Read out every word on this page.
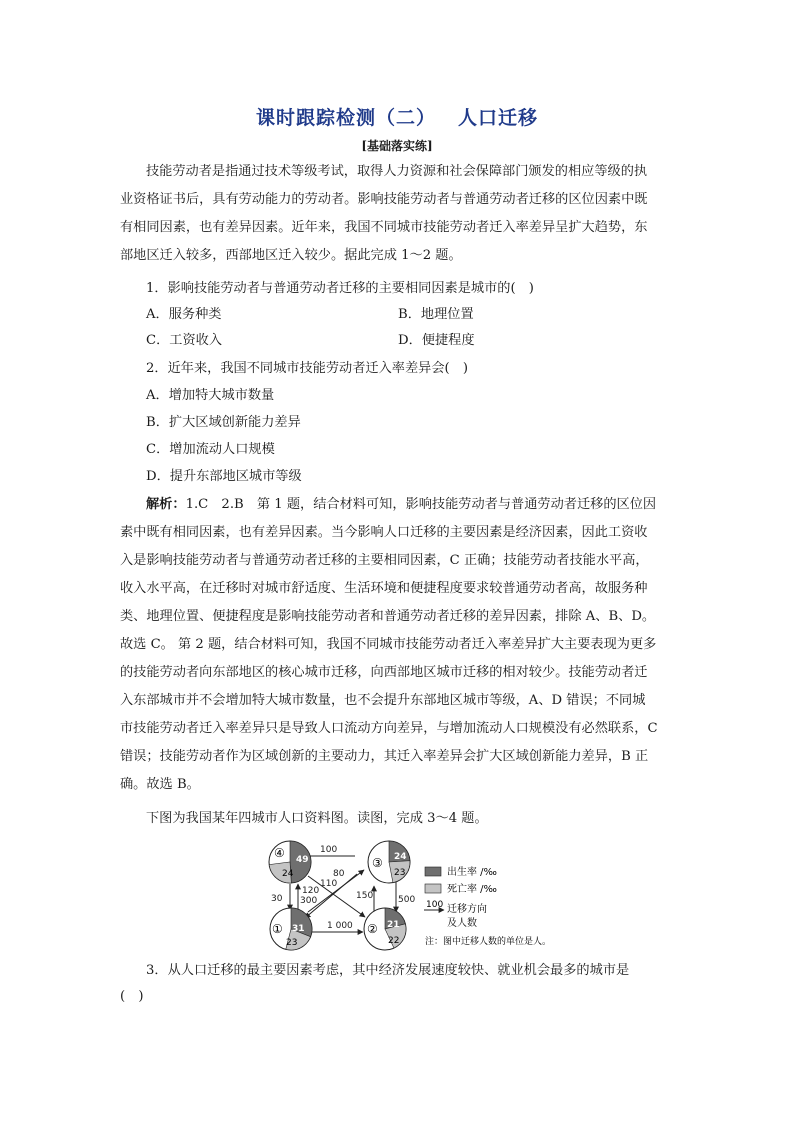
课时跟踪检测（二） 人口迁移
[基础落实练]
技能劳动者是指通过技术等级考试，取得人力资源和社会保障部门颁发的相应等级的执
业资格证书后，具有劳动能力的劳动者。影响技能劳动者与普通劳动者迁移的区位因素中既
有相同因素，也有差异因素。近年来，我国不同城市技能劳动者迁入率差异呈扩大趋势，东
部地区迁入较多，西部地区迁入较少。据此完成 1～2 题。
1．影响技能劳动者与普通劳动者迁移的主要相同因素是城市的(　)
A．服务种类	B．地理位置
C．工资收入	D．便捷程度
2．近年来，我国不同城市技能劳动者迁入率差异会(　)
A．增加特大城市数量
B．扩大区域创新能力差异
C．增加流动人口规模
D．提升东部地区城市等级
解析：1.C　2.B　第 1 题，结合材料可知，影响技能劳动者与普通劳动者迁移的区位因
素中既有相同因素，也有差异因素。当今影响人口迁移的主要因素是经济因素，因此工资收
入是影响技能劳动者与普通劳动者迁移的主要相同因素，C 正确；技能劳动者技能水平高，
收入水平高，在迁移时对城市舒适度、生活环境和便捷程度要求较普通劳动者高，故服务种
类、地理位置、便捷程度是影响技能劳动者和普通劳动者迁移的差异因素，排除 A、B、D。
故选 C。 第 2 题，结合材料可知，我国不同城市技能劳动者迁入率差异扩大主要表现为更多
的技能劳动者向东部地区的核心城市迁移，向西部地区城市迁移的相对较少。技能劳动者迁
入东部城市并不会增加特大城市数量，也不会提升东部地区城市等级，A、D 错误；不同城
市技能劳动者迁入率差异只是导致人口流动方向差异，与增加流动人口规模没有必然联系，C
错误；技能劳动者作为区域创新的主要动力，其迁入率差异会扩大区域创新能力差异，B 正
确。故选 B。
下图为我国某年四城市人口资料图。读图，完成 3～4 题。
④ 49
24
③ 24
23
① 31
23
② 21
22
100
30
120
80
110
300	150	500
1 000
出生率 /‰
死亡率 /‰
100 迁移方向
及人数
注：图中迁移人数的单位是人。
3．从人口迁移的最主要因素考虑，其中经济发展速度较快、就业机会最多的城市是
(　)
